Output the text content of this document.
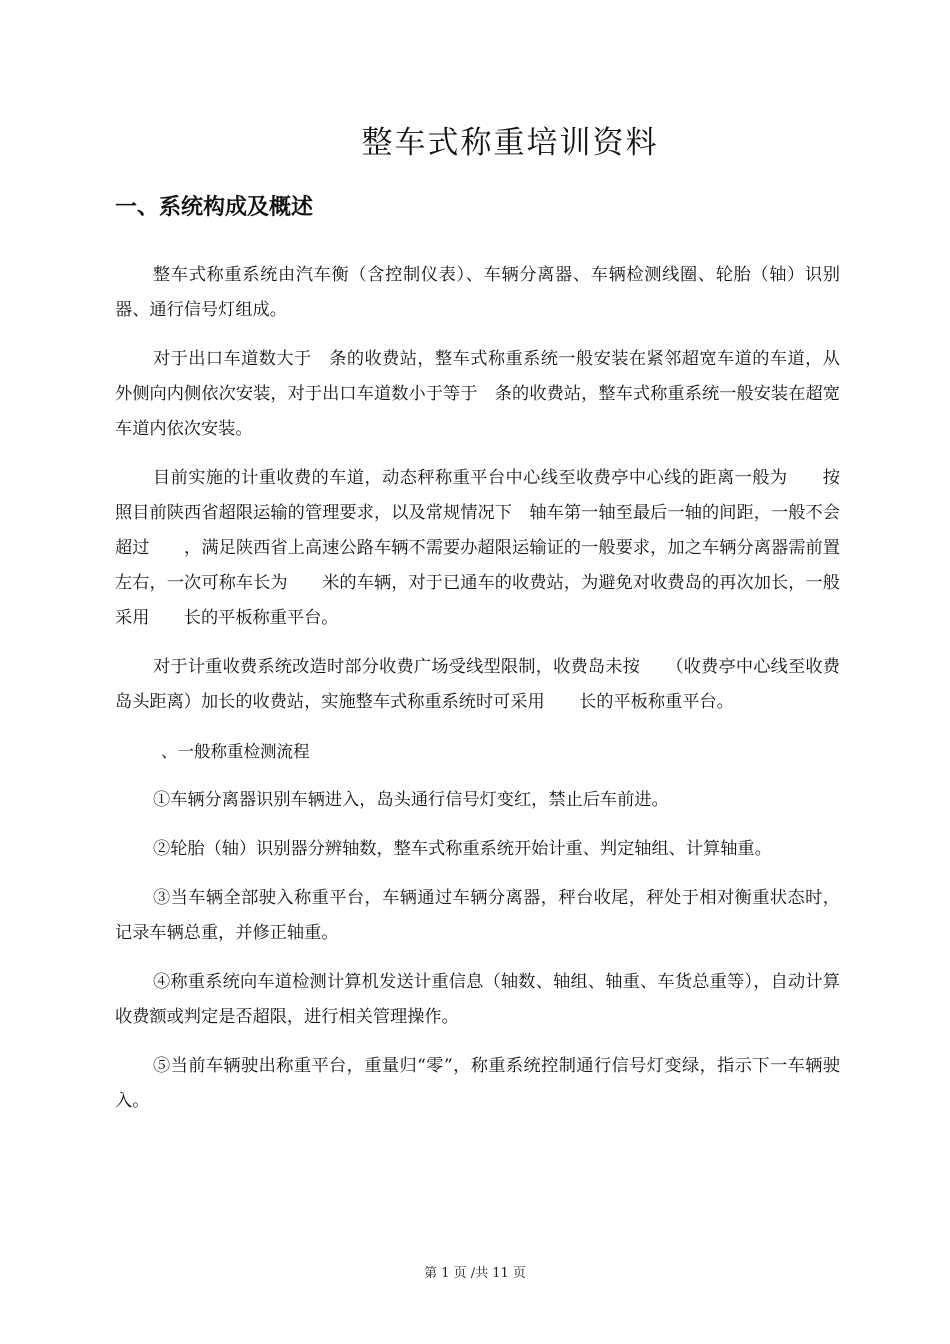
整车式称重培训资料
一、系统构成及概述

整车式称重系统由汽车衡（含控制仪表）、车辆分离器、车辆检测线圈、轮胎（轴）识别器、通行信号灯组成。

对于出口车道数大于　条的收费站，整车式称重系统一般安装在紧邻超宽车道的车道，从外侧向内侧依次安装，对于出口车道数小于等于　条的收费站，整车式称重系统一般安装在超宽车道内依次安装。

目前实施的计重收费的车道，动态秤称重平台中心线至收费亭中心线的距离一般为　　按照目前陕西省超限运输的管理要求，以及常规情况下　轴车第一轴至最后一轴的间距，一般不会超过　　，满足陕西省上高速公路车辆不需要办超限运输证的一般要求，加之车辆分离器需前置　　左右，一次可称车长为　　米的车辆，对于已通车的收费站，为避免对收费岛的再次加长，一般采用　　长的平板称重平台。

对于计重收费系统改造时部分收费广场受线型限制，收费岛未按　　（收费亭中心线至收费岛头距离）加长的收费站，实施整车式称重系统时可采用　　长的平板称重平台。

、一般称重检测流程

①车辆分离器识别车辆进入，岛头通行信号灯变红，禁止后车前进。

②轮胎（轴）识别器分辨轴数，整车式称重系统开始计重、判定轴组、计算轴重。

③当车辆全部驶入称重平台，车辆通过车辆分离器，秤台收尾，秤处于相对衡重状态时，记录车辆总重，并修正轴重。

④称重系统向车道检测计算机发送计重信息（轴数、轴组、轴重、车货总重等），自动计算收费额或判定是否超限，进行相关管理操作。

⑤当前车辆驶出称重平台，重量归“零”，称重系统控制通行信号灯变绿，指示下一车辆驶入。

第 1 页 /共 11 页
